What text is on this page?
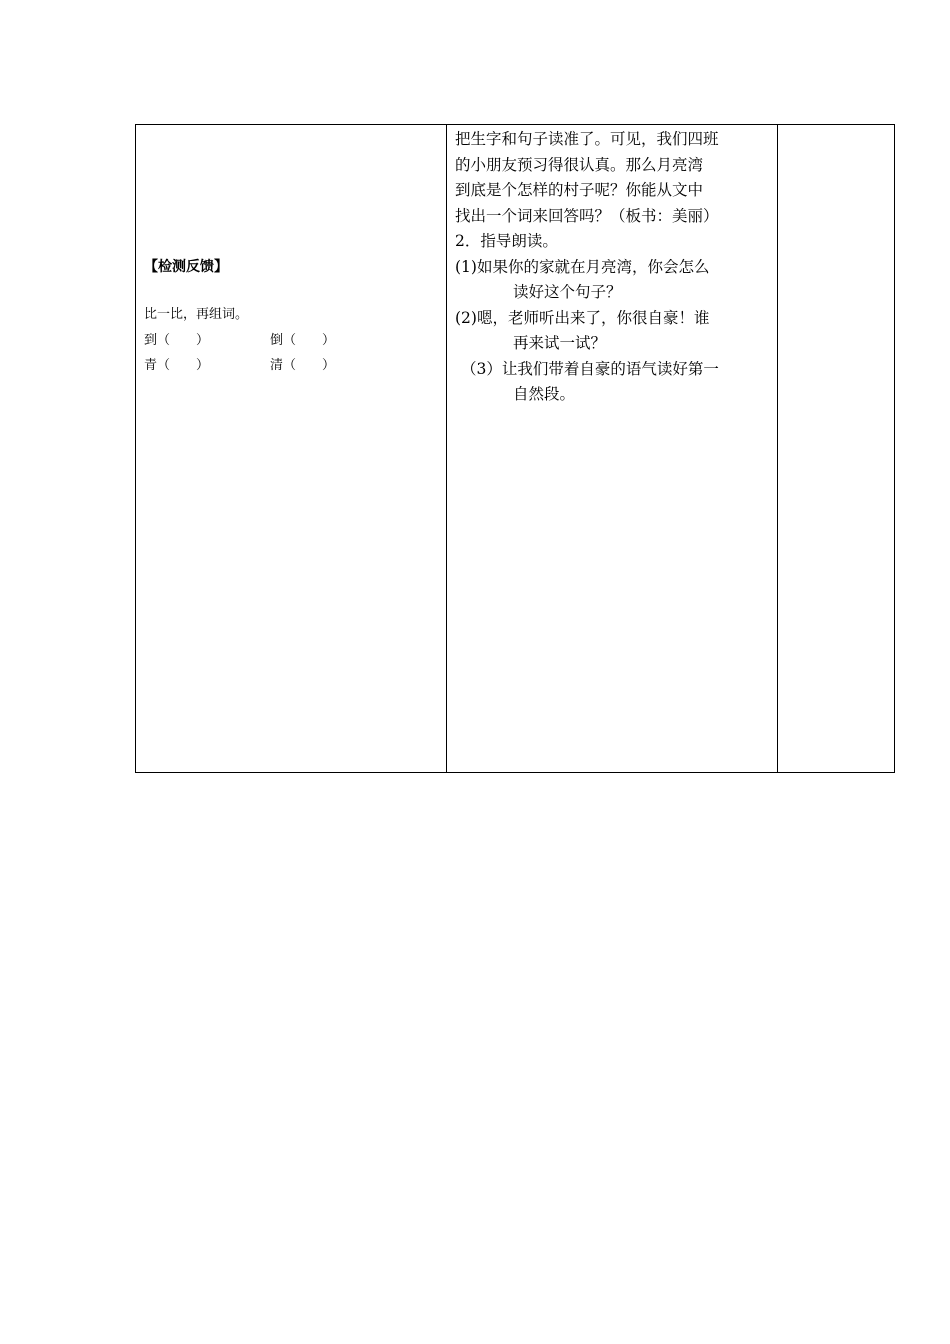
【检测反馈】
比一比，再组词。
到（　　）	倒（　　）
青（　　）	清（　　）

把生字和句子读准了。可见，我们四班
的小朋友预习得很认真。那么月亮湾
到底是个怎样的村子呢？你能从文中
找出一个词来回答吗？（板书：美丽）
2．指导朗读。
(1)如果你的家就在月亮湾，你会怎么
读好这个句子？
(2)嗯，老师听出来了，你很自豪！谁
再来试一试？
（3）让我们带着自豪的语气读好第一
自然段。
